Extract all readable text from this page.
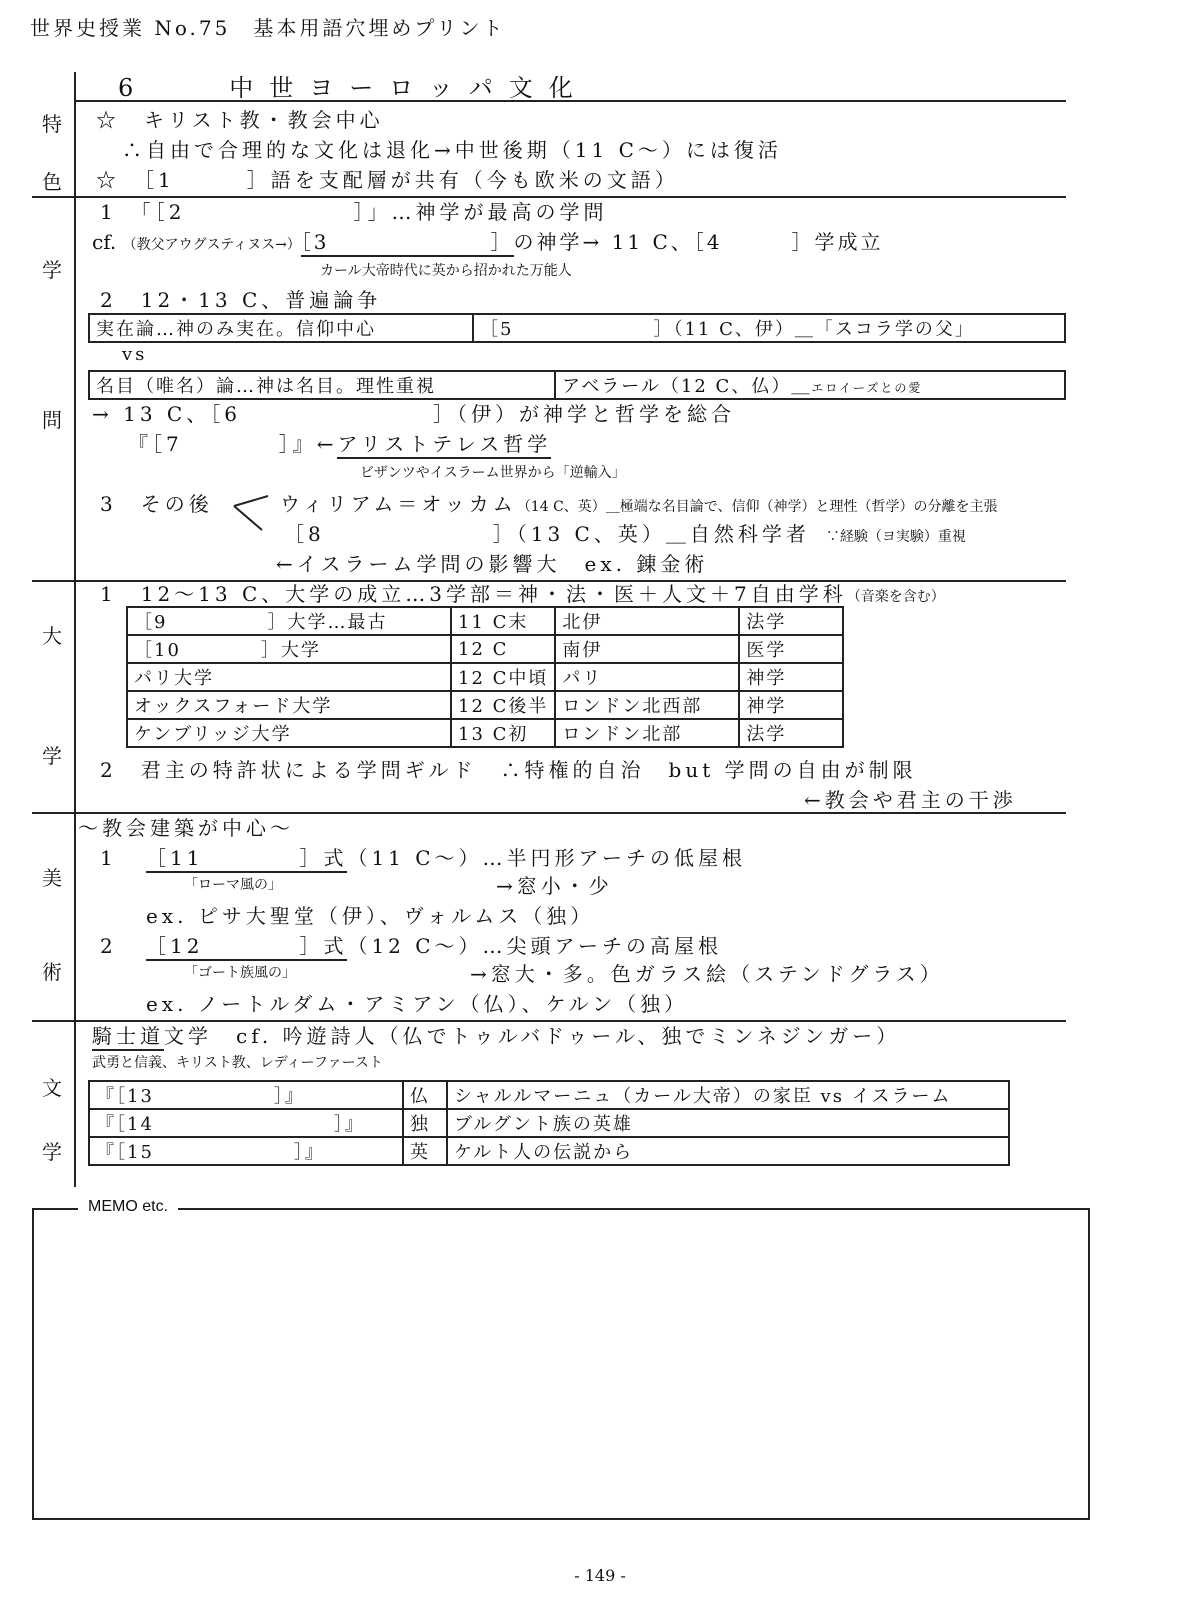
世界史授業 No.75　基本用語穴埋めプリント
6　　中世ヨーロッパ文化
特
色
学
問
大
学
美
術
文
学
☆　キリスト教・教会中心
∴自由で合理的な文化は退化→中世後期（11 C～）には復活
☆　［1　　　］語を支配層が共有（今も欧米の文語）
1　「［2　　　　　　　］」…神学が最高の学問
cf. （教父アウグスティヌス→）［3　　　　　　　］の神学→ 11 C、［4　　　］学成立
カール大帝時代に英から招かれた万能人
2　12・13 C、普遍論争
実在論…神のみ実在。信仰中心	［5　　　　　　　］（11 C、伊）＿「スコラ学の父」
vs
名目（唯名）論…神は名目。理性重視	アベラール（12 C、仏）＿エロイーズとの愛
→ 13 C、［6　　　　　　　　］（伊）が神学と哲学を総合
『［7　　　　］』←アリストテレス哲学
ビザンツやイスラーム世界から「逆輸入」
3　その後	ウィリアム＝オッカム（14 C、英）＿極端な名目論で、信仰（神学）と理性（哲学）の分離を主張
［8　　　　　　　］（13 C、英）＿自然科学者　 ∵経験（ヨ実験）重視
←イスラーム学問の影響大　ex. 錬金術
1　12～13 C、大学の成立…3学部＝神・法・医＋人文＋7自由学科（音楽を含む）
［9　　　　　］大学…最古	11 C末	北伊	法学
［10　　　　］大学	12 C	南伊	医学
パリ大学	12 C中頃	パリ	神学
オックスフォード大学	12 C後半	ロンドン北西部	神学
ケンブリッジ大学	13 C初	ロンドン北部	法学
2　君主の特許状による学問ギルド　∴特権的自治　but 学問の自由が制限
←教会や君主の干渉
～教会建築が中心～
1 ［11　　　　］式（11 C～）…半円形アーチの低屋根
「ローマ風の」	→窓小・少
ex. ピサ大聖堂（伊）、ヴォルムス（独）
2 ［12　　　　］式（12 C～）…尖頭アーチの高屋根
「ゴート族風の」	→窓大・多。色ガラス絵（ステンドグラス）
ex. ノートルダム・アミアン（仏）、ケルン（独）
騎士道文学　cf. 吟遊詩人（仏でトゥルバドゥール、独でミンネジンガー）
武勇と信義、キリスト教、レディーファースト
『［13　　　　　　］』	仏	シャルルマーニュ（カール大帝）の家臣 vs イスラーム
『［14　　　　　　　　　］』	独	ブルグント族の英雄
『［15　　　　　　　］』	英	ケルト人の伝説から
MEMO etc.
- 149 -
